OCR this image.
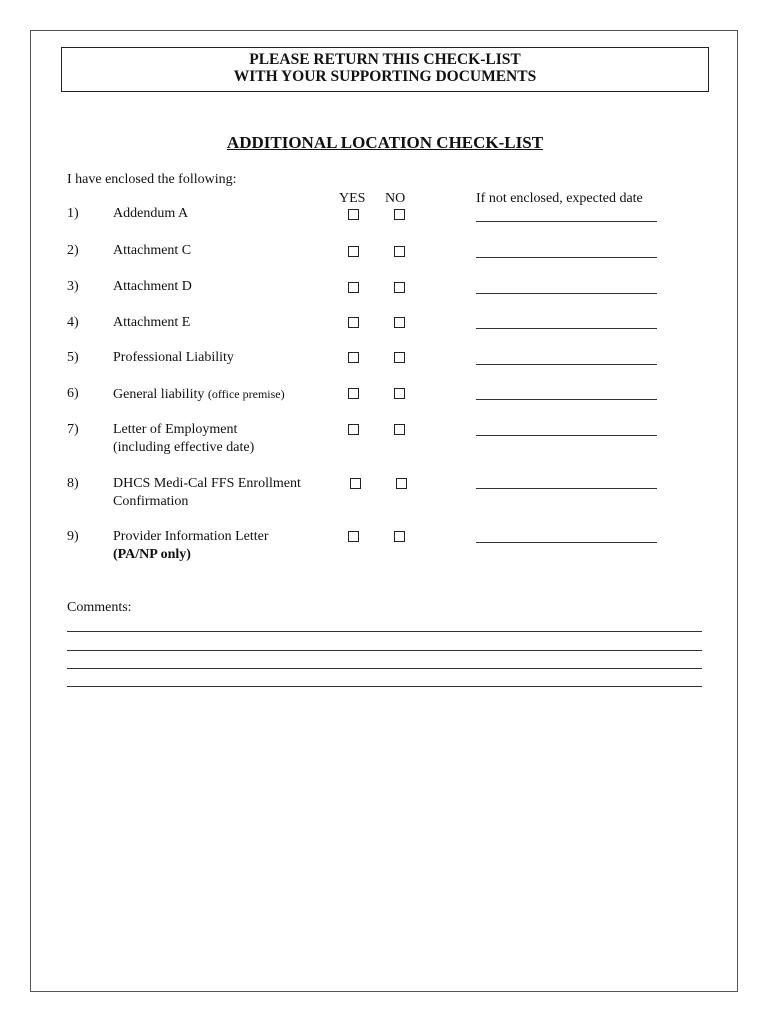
PLEASE RETURN THIS CHECK-LIST
WITH YOUR SUPPORTING DOCUMENTS
ADDITIONAL LOCATION CHECK-LIST
I have enclosed the following:
YES NO	If not enclosed, expected date
1) Addendum A
2) Attachment C
3) Attachment D
4) Attachment E
5) Professional Liability
6) General liability (office premise)
7) Letter of Employment
(including effective date)
8) DHCS Medi-Cal FFS Enrollment
Confirmation
9) Provider Information Letter
(PA/NP only)
Comments:
